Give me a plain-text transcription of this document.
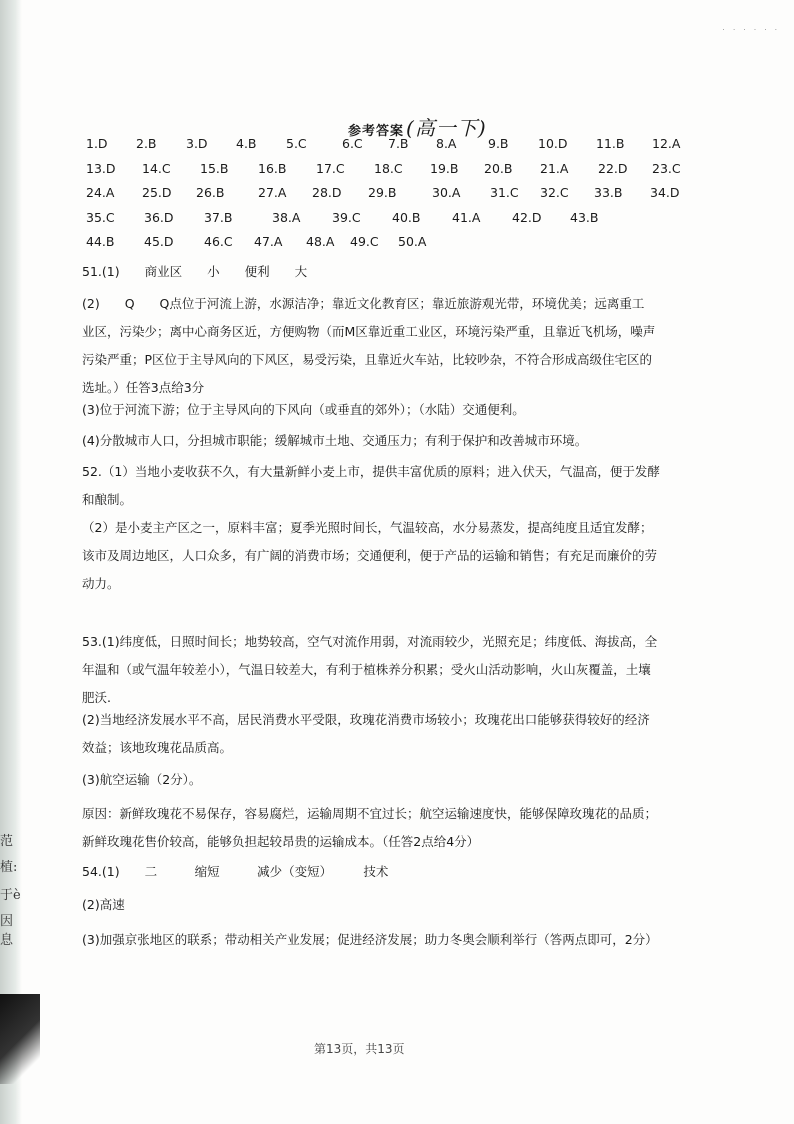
范
植:
于è
因息
· · · · · ·
参考答案 (高一下)
1.D 2.B 3.D 4.B 5.C	6.C 7.B 8.A	9.B 10.D 11.B 12.A
13.D 14.C 15.B 16.B 17.C 18.C 19.B 20.B 21.A 22.D 23.C
24.A 25.D 26.B	27.A 28.D 29.B	30.A 31.C 32.C 33.B 34.D
35.C 36.D 37.B	38.A	39.C	40.B	41.A	42.D 43.B
44.B 45.D 46.C 47.A 48.A 49.C 50.A

51.(1)　　商业区　　小　　便利　　大

(2)　　Q　　Q点位于河流上游，水源洁净；靠近文化教育区；靠近旅游观光带，环境优美；远离重工

业区，污染少；离中心商务区近，方便购物（而M区靠近重工业区，环境污染严重，且靠近飞机场，噪声

污染严重；P区位于主导风向的下风区，易受污染，且靠近火车站，比较吵杂，不符合形成高级住宅区的

选址。）任答3点给3分

(3)位于河流下游；位于主导风向的下风向（或垂直的郊外）；（水陆）交通便利。

(4)分散城市人口，分担城市职能；缓解城市土地、交通压力；有利于保护和改善城市环境。

52.（1）当地小麦收获不久，有大量新鲜小麦上市，提供丰富优质的原料；进入伏天，气温高，便于发酵

和酿制。

（2）是小麦主产区之一，原料丰富；夏季光照时间长，气温较高，水分易蒸发，提高纯度且适宜发酵；

该市及周边地区，人口众多，有广阔的消费市场；交通便利，便于产品的运输和销售；有充足而廉价的劳

动力。

53.(1)纬度低，日照时间长；地势较高，空气对流作用弱，对流雨较少，光照充足；纬度低、海拔高，全

年温和（或气温年较差小），气温日较差大，有利于植株养分积累；受火山活动影响，火山灰覆盖，土壤

肥沃.

(2)当地经济发展水平不高，居民消费水平受限，玫瑰花消费市场较小；玫瑰花出口能够获得较好的经济

效益；该地玫瑰花品质高。

(3)航空运输（2分）。

原因：新鲜玫瑰花不易保存，容易腐烂，运输周期不宜过长；航空运输速度快，能够保障玫瑰花的品质；

新鲜玫瑰花售价较高，能够负担起较昂贵的运输成本。（任答2点给4分）

54.(1)　　二　　　缩短　　　减少（变短）　　　技术

(2)高速

(3)加强京张地区的联系；带动相关产业发展；促进经济发展；助力冬奥会顺利举行（答两点即可，2分）

第13页，共13页
